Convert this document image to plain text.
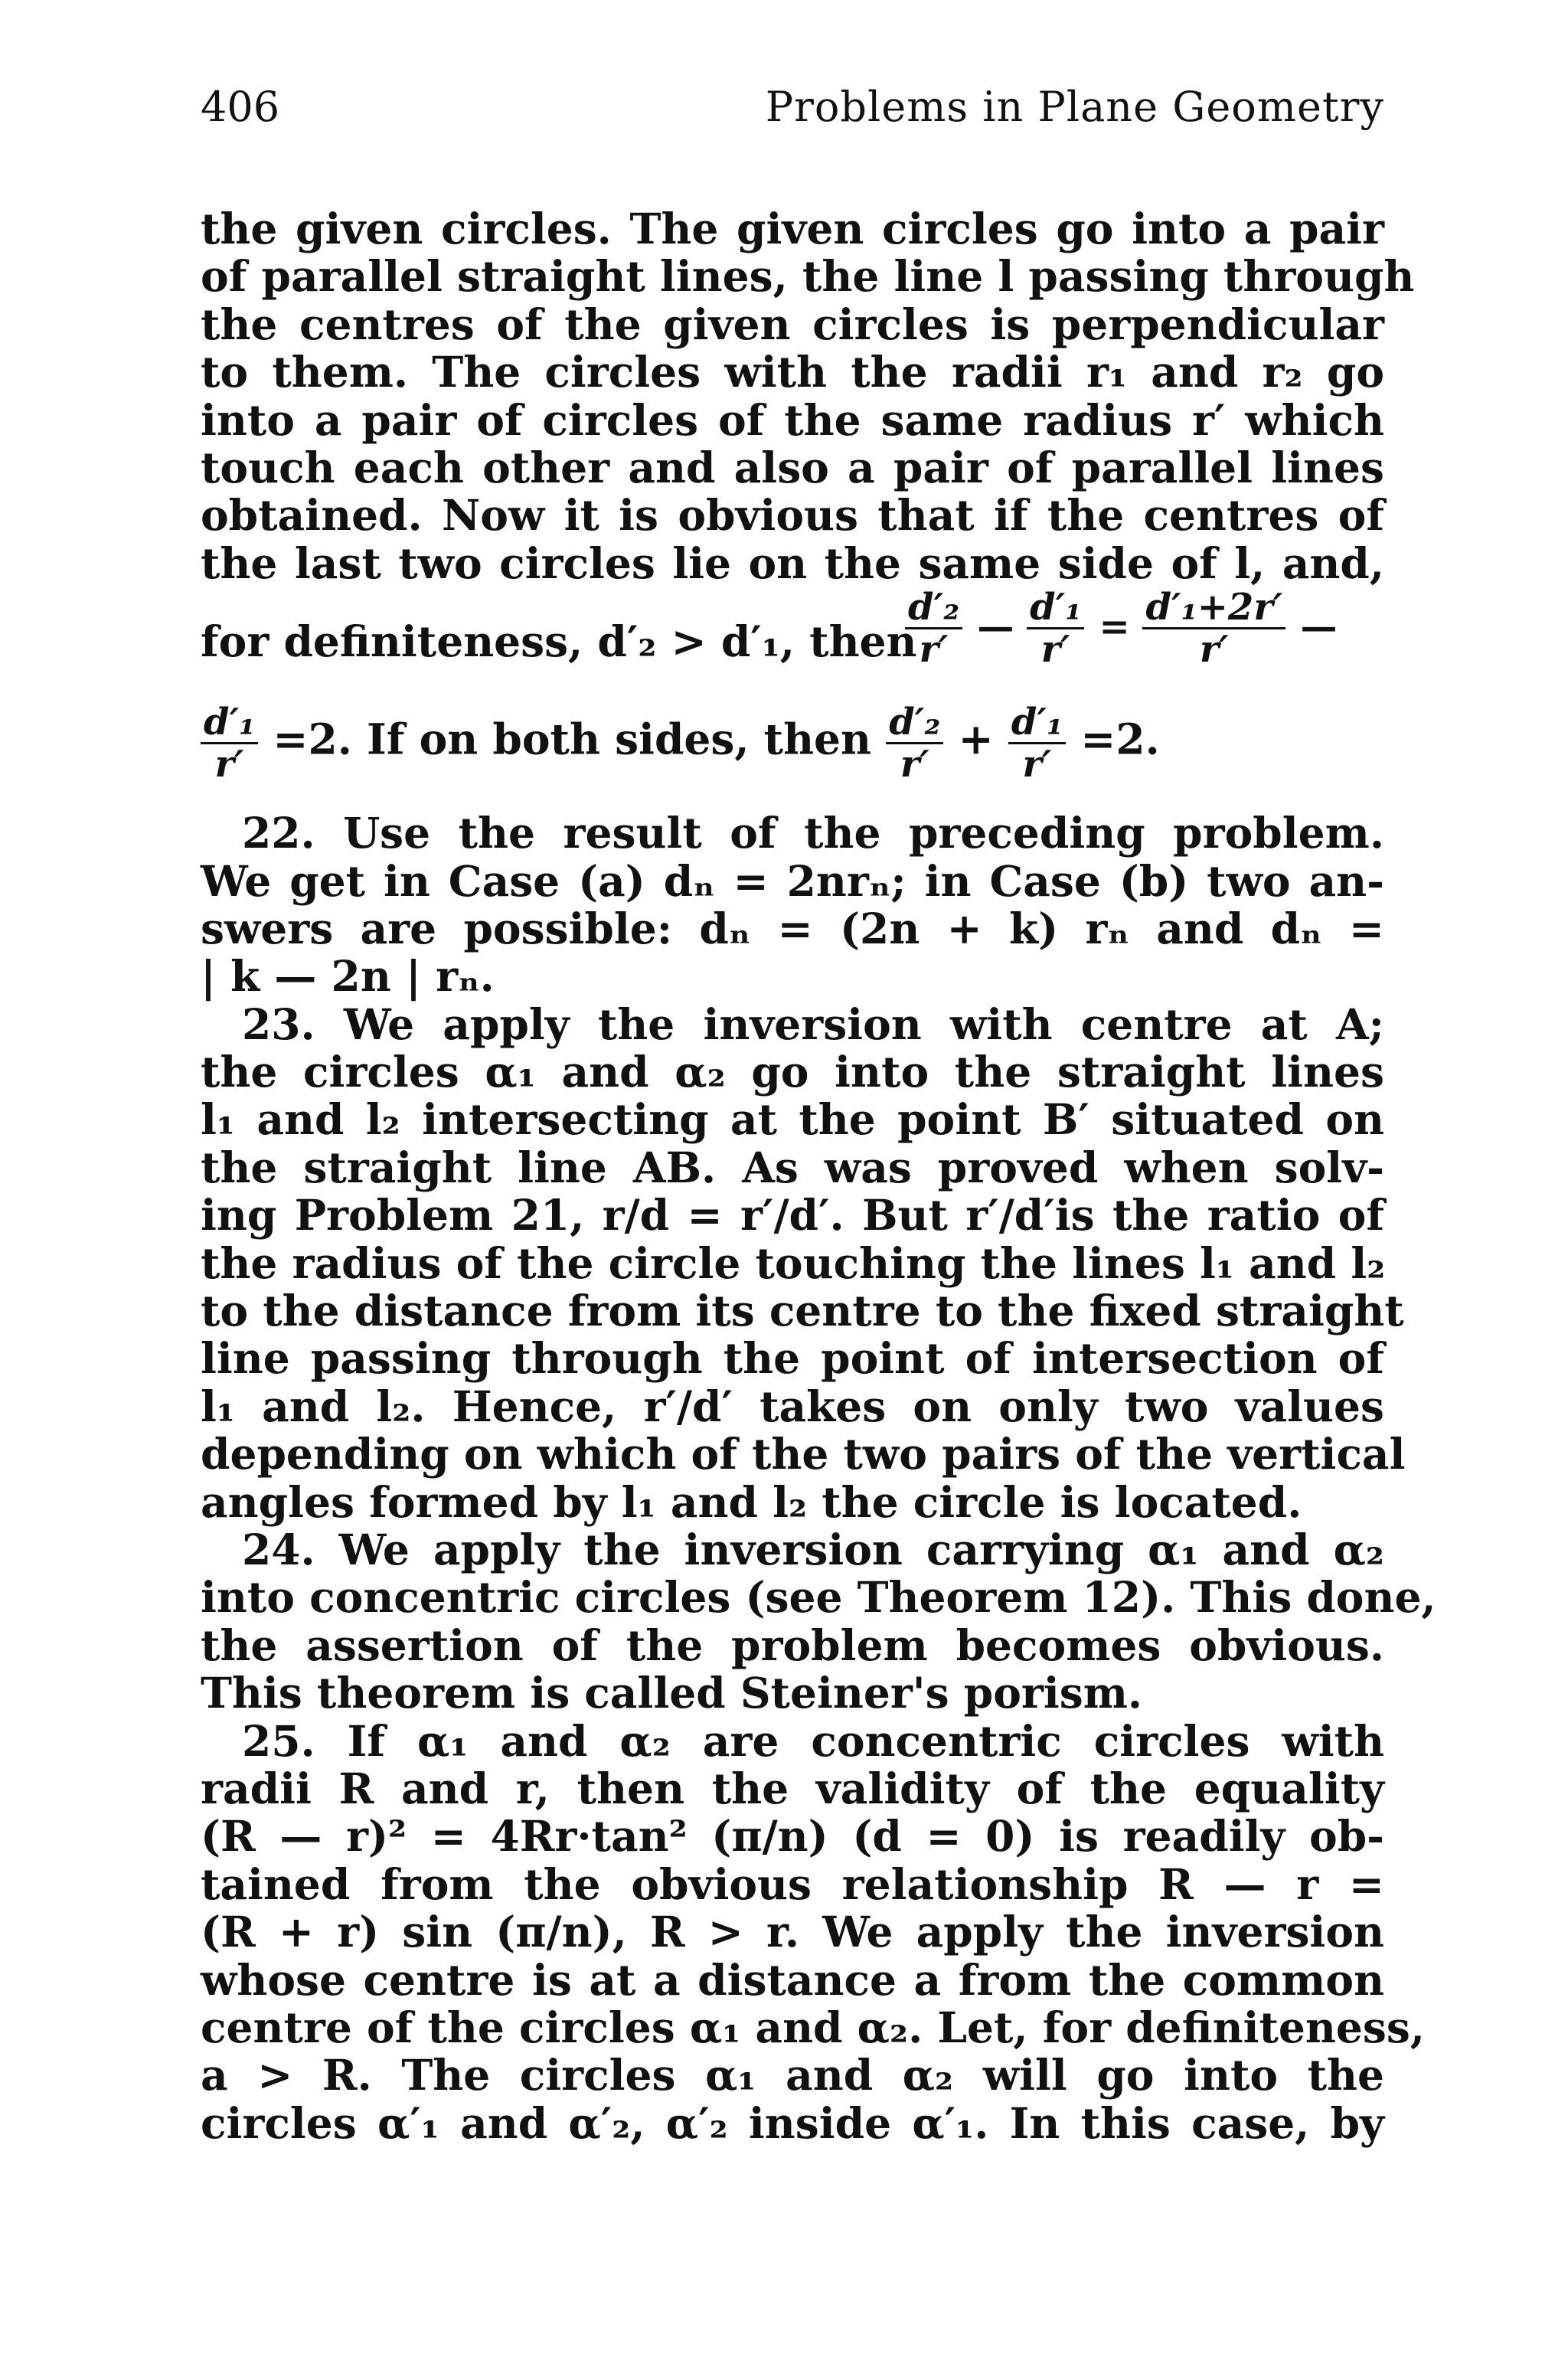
406	Problems in Plane Geometry
the given circles. The given circles go into a pair
of parallel straight lines, the line l passing through
the centres of the given circles is perpendicular
to them. The circles with the radii r₁ and r₂ go
into a pair of circles of the same radius r′ which
touch each other and also a pair of parallel lines
obtained. Now it is obvious that if the centres of
the last two circles lie on the same side of l, and,
for definiteness, d′₂ > d′₁, then
$\frac{\text{d′₂}}{r'}$ — $\frac{\text{d′₁}}{r'} = \frac{\text{d′₁+2r′}}{r'}$ —
$\frac{\text{d′₁}}{r'} =2$. If on both sides, then $\frac{\text{d′₂}}{r'} + \frac{\text{d′₁}}{r'} =2$.
22. Use the result of the preceding problem.
We get in Case (a) dₙ = 2nrₙ; in Case (b) two an-
swers are possible: dₙ = (2n + k) rₙ and dₙ =
| k — 2n | rₙ.
23. We apply the inversion with centre at A;
the circles α₁ and α₂ go into the straight lines
l₁ and l₂ intersecting at the point B′ situated on
the straight line AB. As was proved when solv-
ing Problem 21, r/d = r′/d′. But r′/d′is the ratio of
the radius of the circle touching the lines l₁ and l₂
to the distance from its centre to the fixed straight
line passing through the point of intersection of
l₁ and l₂. Hence, r′/d′ takes on only two values
depending on which of the two pairs of the vertical
angles formed by l₁ and l₂ the circle is located.
24. We apply the inversion carrying α₁ and α₂
into concentric circles (see Theorem 12). This done,
the assertion of the problem becomes obvious.
This theorem is called Steiner's porism.
25. If α₁ and α₂ are concentric circles with
radii R and r, then the validity of the equality
(R — r)² = 4Rr·tan² (π/n) (d = 0) is readily ob-
tained from the obvious relationship R — r =
(R + r) sin (π/n), R > r. We apply the inversion
whose centre is at a distance a from the common
centre of the circles α₁ and α₂. Let, for definiteness,
a > R. The circles α₁ and α₂ will go into the
circles α′₁ and α′₂, α′₂ inside α′₁. In this case, by
